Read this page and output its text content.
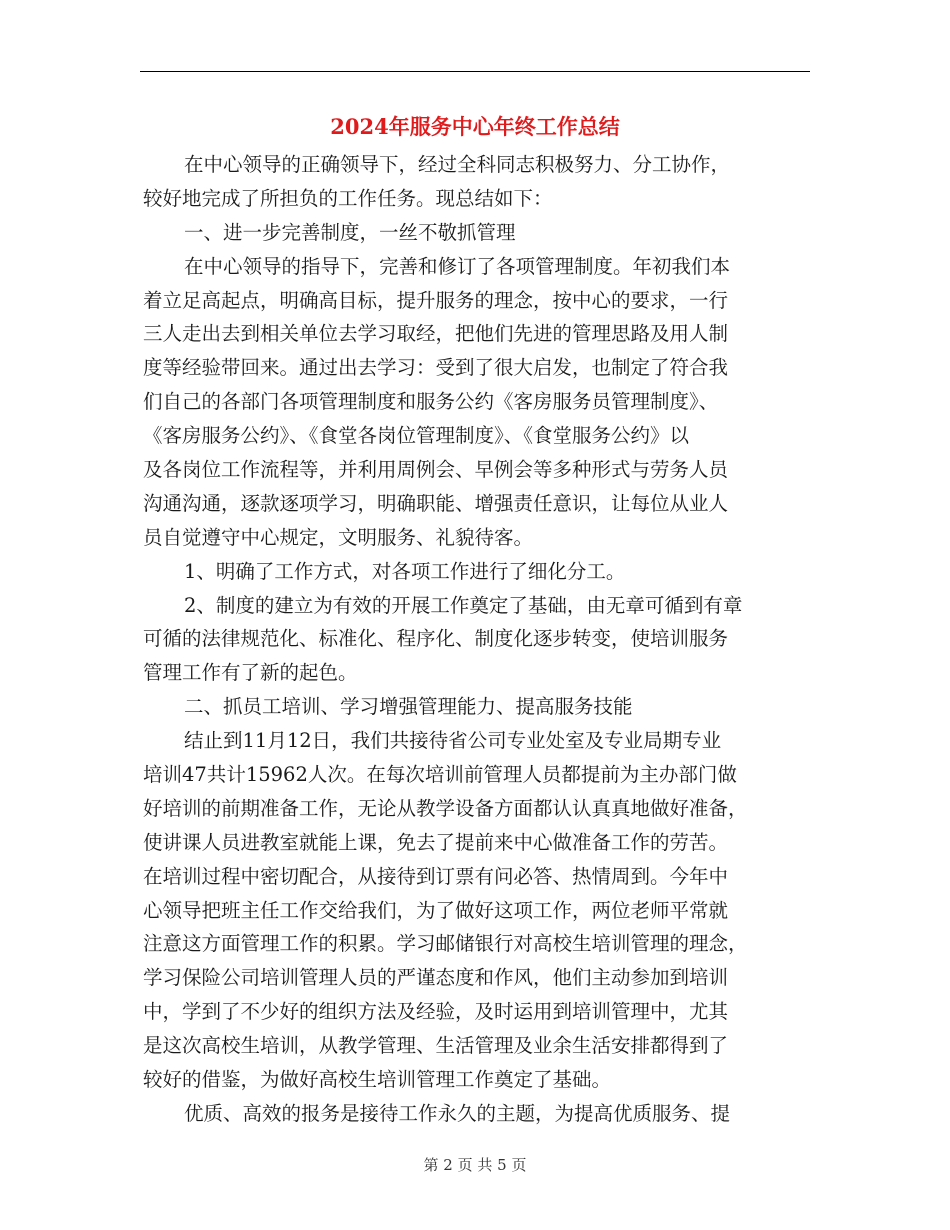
2024年服务中心年终工作总结
在中心领导的正确领导下，经过全科同志积极努力、分工协作，
较好地完成了所担负的工作任务。现总结如下：
一、进一步完善制度，一丝不敬抓管理
在中心领导的指导下，完善和修订了各项管理制度。年初我们本
着立足高起点，明确高目标，提升服务的理念，按中心的要求，一行
三人走出去到相关单位去学习取经，把他们先进的管理思路及用人制
度等经验带回来。通过出去学习：受到了很大启发，也制定了符合我
们自己的各部门各项管理制度和服务公约《客房服务员管理制度》、
《客房服务公约》、《食堂各岗位管理制度》、《食堂服务公约》以
及各岗位工作流程等，并利用周例会、早例会等多种形式与劳务人员
沟通沟通，逐款逐项学习，明确职能、增强责任意识，让每位从业人
员自觉遵守中心规定，文明服务、礼貌待客。
1、明确了工作方式，对各项工作进行了细化分工。
2、制度的建立为有效的开展工作奠定了基础，由无章可循到有章
可循的法律规范化、标准化、程序化、制度化逐步转变，使培训服务
管理工作有了新的起色。
二、抓员工培训、学习增强管理能力、提高服务技能
结止到11月12日，我们共接待省公司专业处室及专业局期专业
培训47共计15962人次。在每次培训前管理人员都提前为主办部门做
好培训的前期准备工作，无论从教学设备方面都认认真真地做好准备，
使讲课人员进教室就能上课，免去了提前来中心做准备工作的劳苦。
在培训过程中密切配合，从接待到订票有问必答、热情周到。今年中
心领导把班主任工作交给我们，为了做好这项工作，两位老师平常就
注意这方面管理工作的积累。学习邮储银行对高校生培训管理的理念，
学习保险公司培训管理人员的严谨态度和作风，他们主动参加到培训
中，学到了不少好的组织方法及经验，及时运用到培训管理中，尤其
是这次高校生培训，从教学管理、生活管理及业余生活安排都得到了
较好的借鉴，为做好高校生培训管理工作奠定了基础。
优质、高效的报务是接待工作永久的主题，为提高优质服务、提
第 2 页 共 5 页
